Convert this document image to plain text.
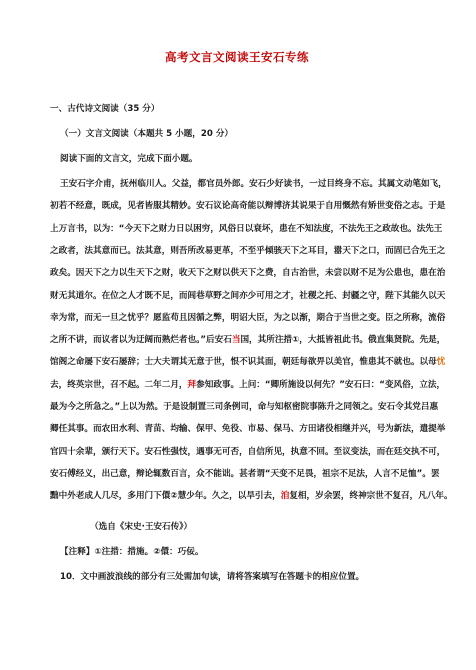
高考文言文阅读王安石专练
一、古代诗文阅读（35 分）
（一）文言文阅读（本题共 5 小题，20 分）
阅读下面的文言文，完成下面小题。
王安石字介甫，抚州临川人。父益，都官员外郎。安石少好读书，一过目终身不忘。其属文动笔如飞，
初若不经意，既成，见者皆服其精妙。安石议论高奇能以辩博济其说果于自用慨然有矫世变俗之志。于是
上万言书，以为：“今天下之财力日以困穷，风俗日以衰坏，患在不知法度，不法先王之政故也。法先王
之政者，法其意而已。法其意，则吾所改易更革，不至乎倾骇天下之耳目，嚣天下之口，而固已合先王之
政矣。因天下之力以生天下之财，收天下之财以供天下之费，自古治世，未尝以财不足为公患也，患在治
财无其道尔。在位之人才既不足，而闾巷草野之间亦少可用之才，社稷之托、封疆之守，陛下其能久以天
幸为常，而无一旦之忧乎？愿监苟且因循之弊，明诏大臣，为之以渐，期合于当世之变。臣之所称，流俗
之所不讲，而议者以为迂阔而熟烂者也。”后安石当国，其所注措①，大抵皆祖此书。俄直集贤院。先是，
馆阁之命屡下安石屡辞；士大夫谓其无意于世，恨不识其面，朝廷每欲畀以美官，惟患其不就也。以母忧
去，终英宗世，召不起。二年二月，拜参知政事。上问：“卿所施设以何先？”安石曰：“变风俗，立法，
最为今之所急之。”上以为然。于是设制置三司条例司，命与知枢密院事陈升之同领之。安石令其党吕惠
卿任其事。而农田水利、青苗、均输、保甲、免役、市易、保马、方田诸役相继并兴，号为新法，遣提举
官四十余辈，颁行天下。安石性强忮，遇事无可否，自信所见，执意不回。至议变法，而在廷交执不可，
安石傅经义，出己意，辩论辄数百言，众不能诎。甚者谓“天变不足畏，祖宗不足法，人言不足恤”。罢
黜中外老成人几尽，多用门下儇②慧少年。久之，以旱引去，洎复相，岁余罢，终神宗世不复召，凡八年。
（选自《宋史·王安石传》）
【注释】①注措：措施。②儇：巧佞。
10．文中画波浪线的部分有三处需加句读，请将答案填写在答题卡的相应位置。
